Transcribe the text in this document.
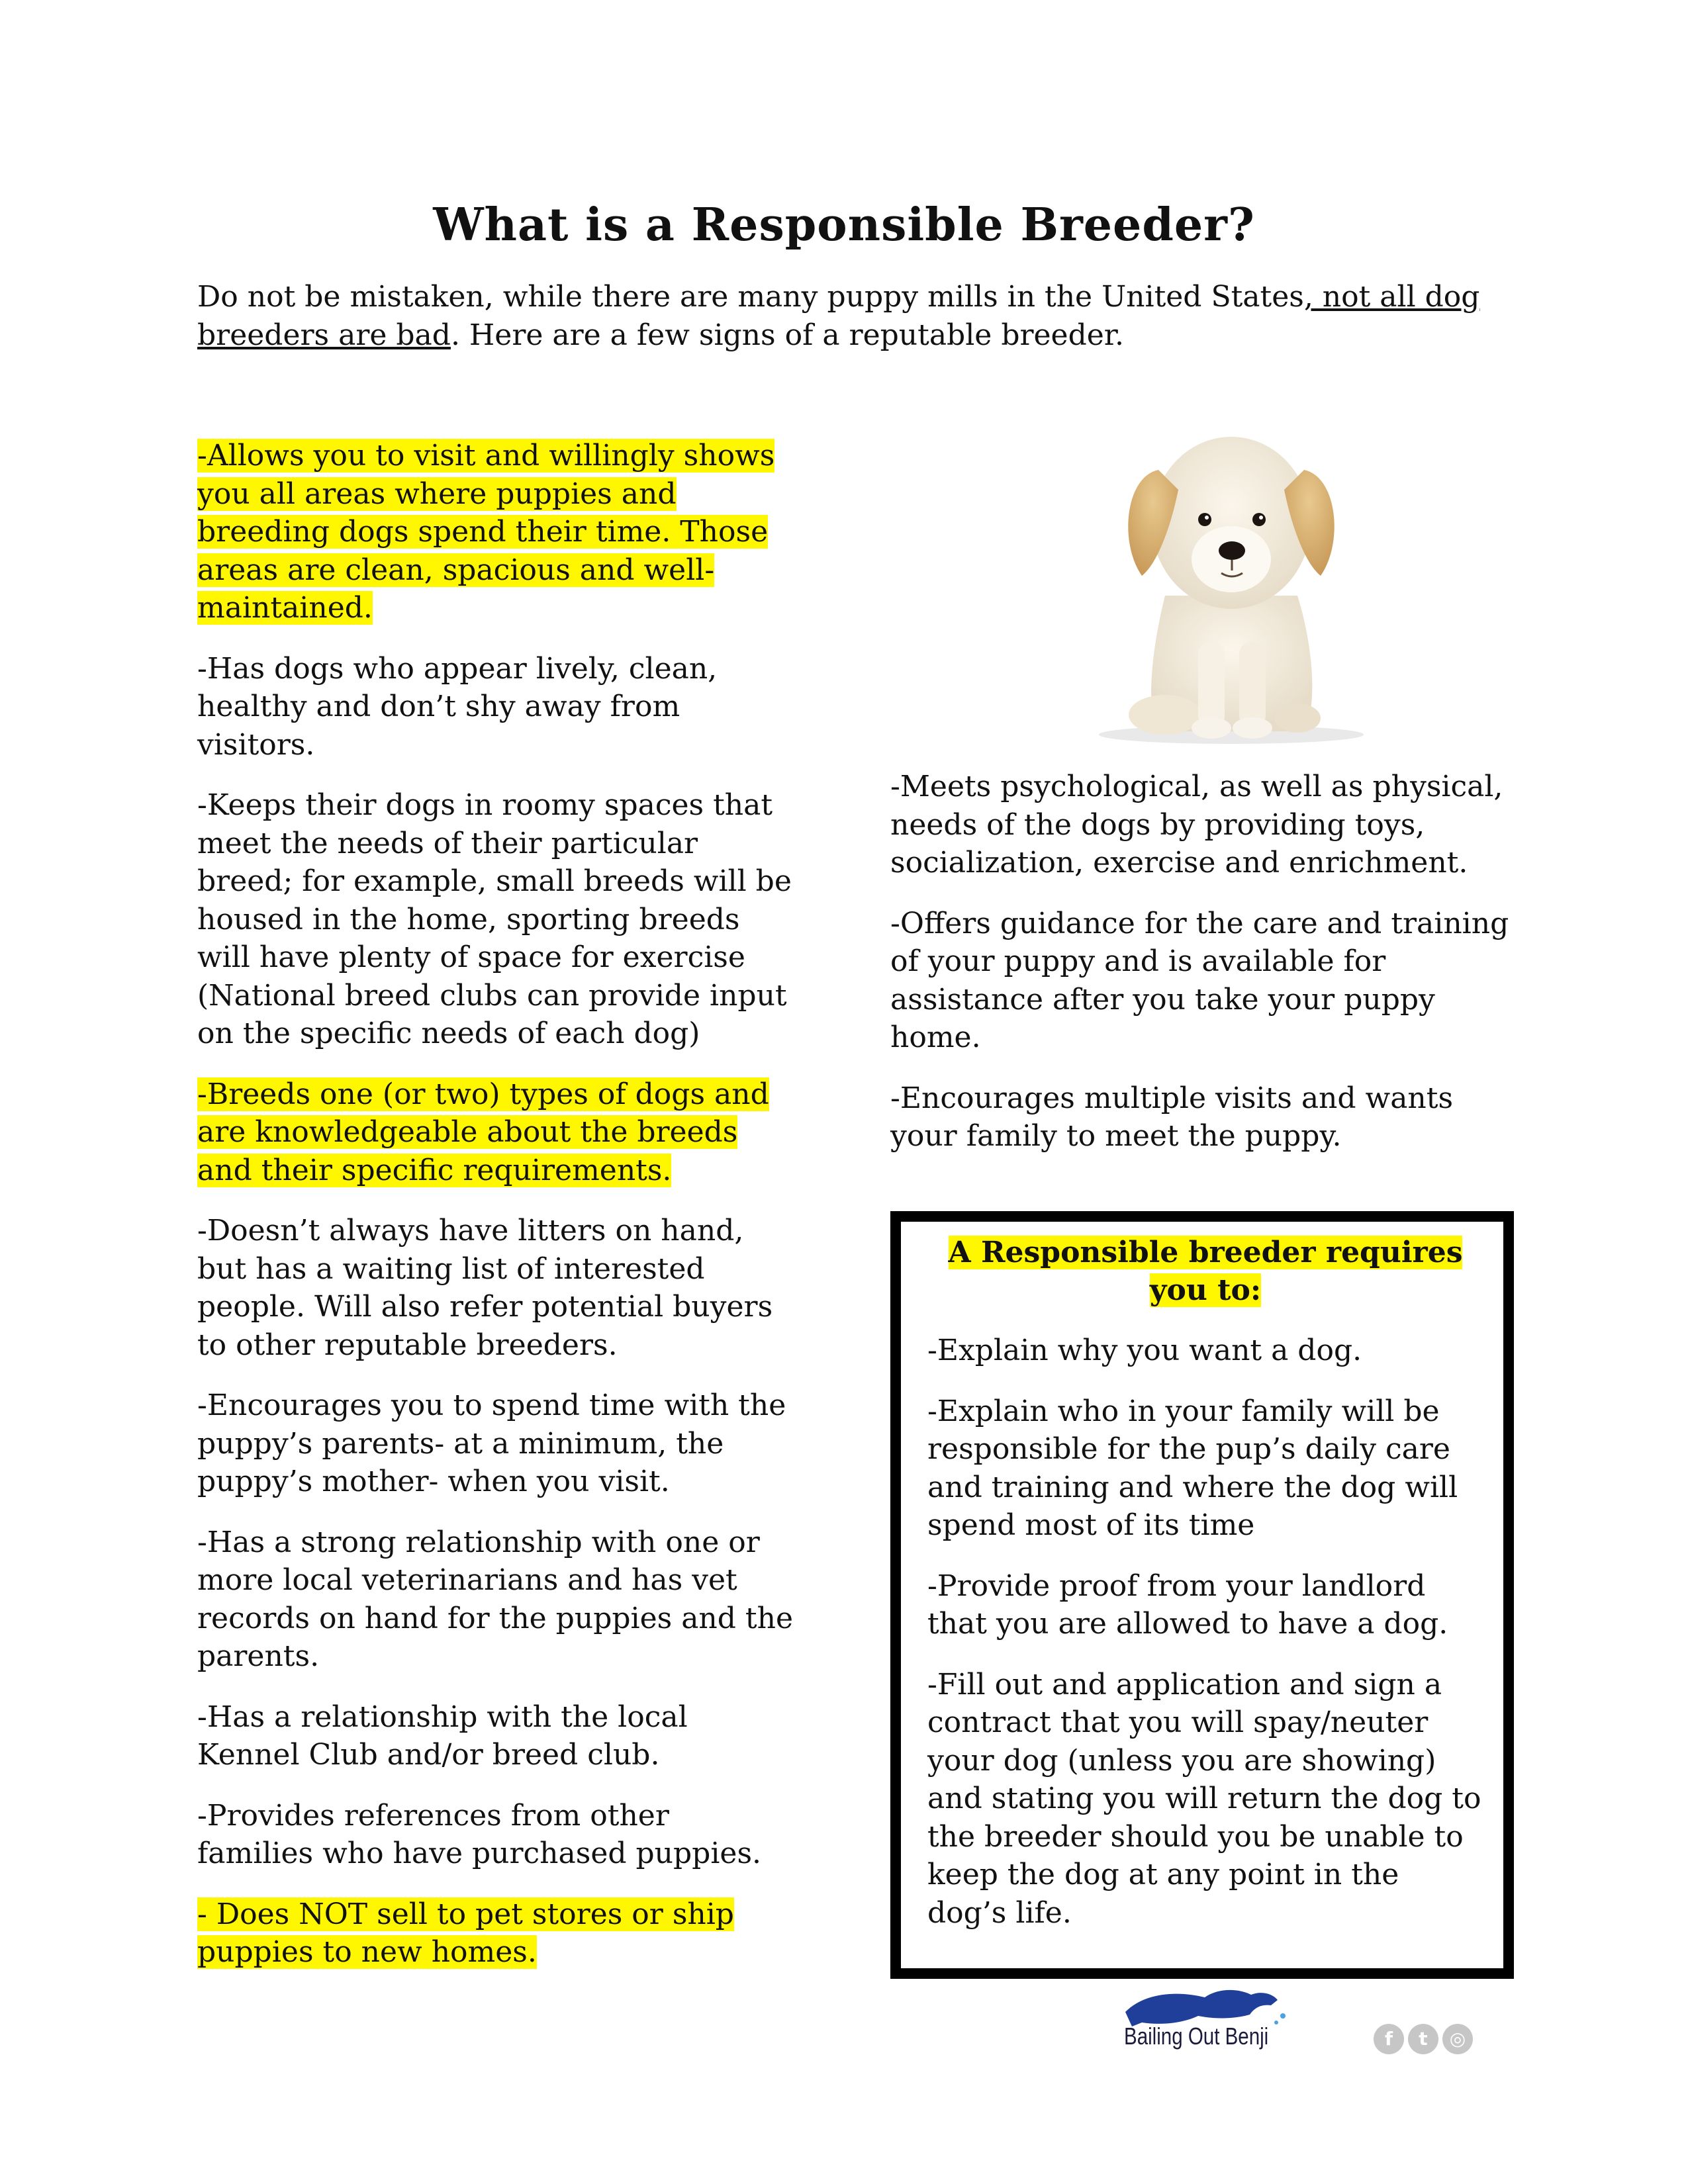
What is a Responsible Breeder?

Do not be mistaken, while there are many puppy mills in the United States, not all dog breeders are bad. Here are a few signs of a reputable breeder.

-Allows you to visit and willingly shows you all areas where puppies and breeding dogs spend their time. Those areas are clean, spacious and well-maintained.

-Has dogs who appear lively, clean, healthy and don’t shy away from visitors.

-Keeps their dogs in roomy spaces that meet the needs of their particular breed; for example, small breeds will be housed in the home, sporting breeds will have plenty of space for exercise (National breed clubs can provide input on the specific needs of each dog)

-Breeds one (or two) types of dogs and are knowledgeable about the breeds and their specific requirements.

-Doesn’t always have litters on hand, but has a waiting list of interested people. Will also refer potential buyers to other reputable breeders.

-Encourages you to spend time with the puppy’s parents- at a minimum, the puppy’s mother- when you visit.

-Has a strong relationship with one or more local veterinarians and has vet records on hand for the puppies and the parents.

-Has a relationship with the local Kennel Club and/or breed club.

-Provides references from other families who have purchased puppies.

- Does NOT sell to pet stores or ship puppies to new homes.

-Meets psychological, as well as physical, needs of the dogs by providing toys, socialization, exercise and enrichment.

-Offers guidance for the care and training of your puppy and is available for assistance after you take your puppy home.

-Encourages multiple visits and wants your family to meet the puppy.

A Responsible breeder requires you to:

-Explain why you want a dog.

-Explain who in your family will be responsible for the pup’s daily care and training and where the dog will spend most of its time

-Provide proof from your landlord that you are allowed to have a dog.

-Fill out and application and sign a contract that you will spay/neuter your dog (unless you are showing) and stating you will return the dog to the breeder should you be unable to keep the dog at any point in the dog’s life.

Bailing Out Benji	f	t	◎
